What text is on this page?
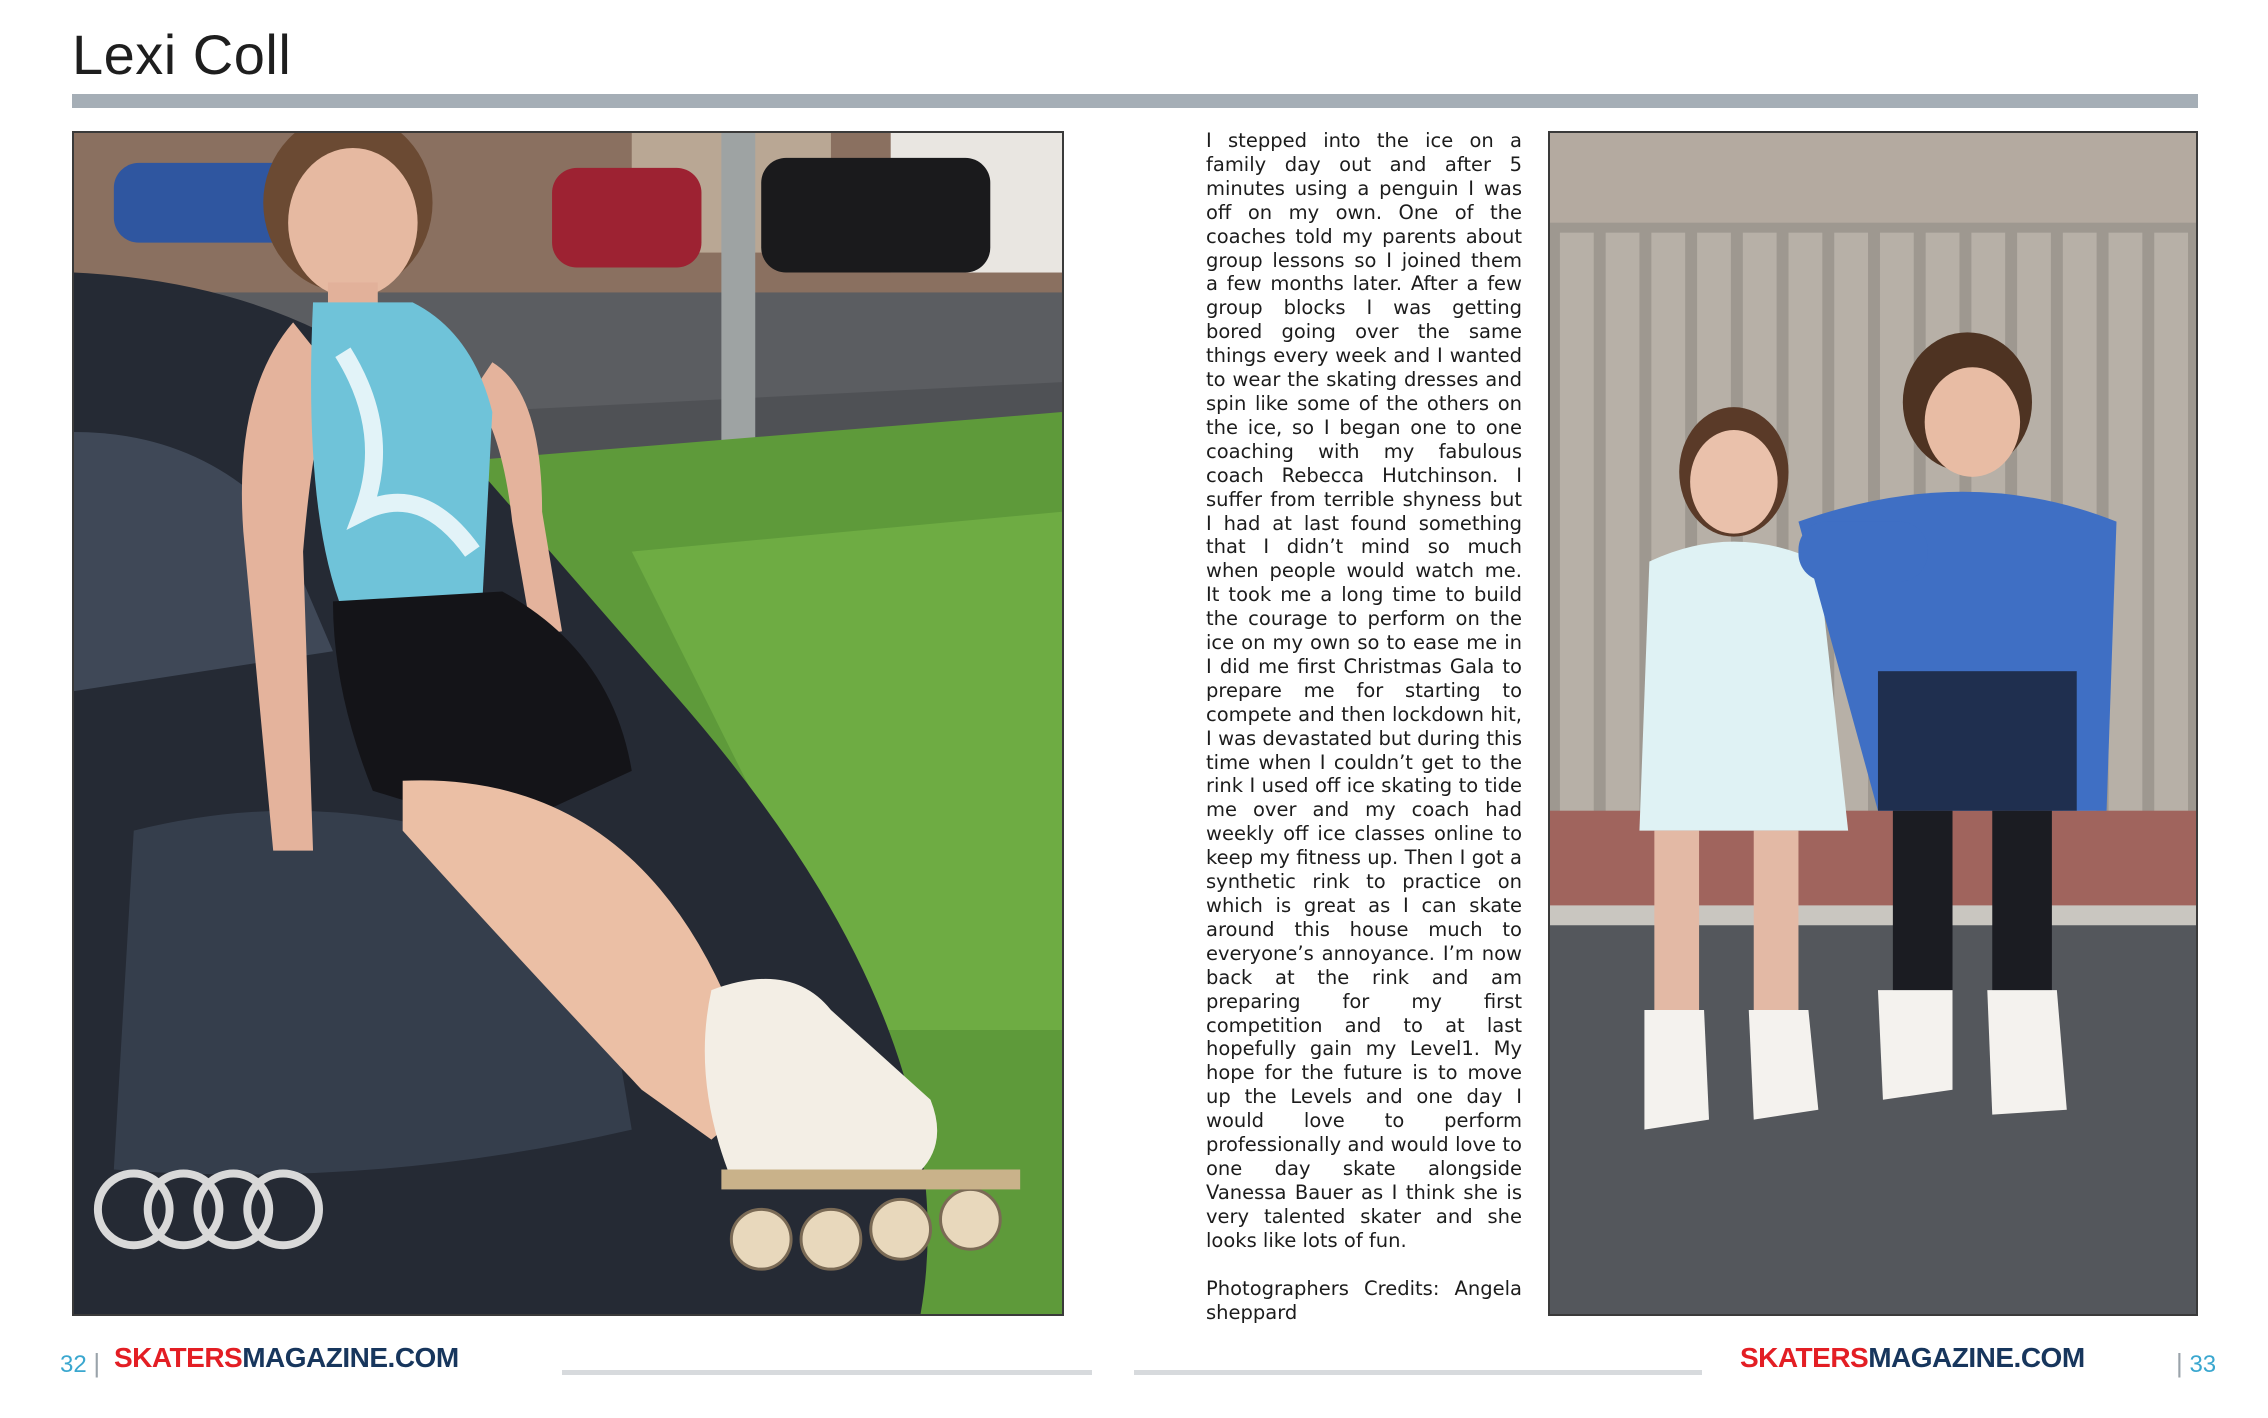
Lexi Coll

I stepped into the ice on a family day out and after 5 minutes using a penguin I was off on my own. One of the coaches told my parents about group lessons so I joined them a few months later. After a few group blocks I was getting bored going over the same things every week and I wanted to wear the skating dresses and spin like some of the others on the ice, so I began one to one coaching with my fabulous coach Rebecca Hutchinson. I suffer from terrible shyness but I had at last found something that I didn’t mind so much when people would watch me. It took me a long time to build the courage to perform on the ice on my own so to ease me in I did me first Christmas Gala to prepare me for starting to compete and then lockdown hit, I was devastated but during this time when I couldn’t get to the rink I used off ice skating to tide me over and my coach had weekly off ice classes online to keep my fitness up. Then I got a synthetic rink to practice on which is great as I can skate around this house much to everyone’s annoyance. I’m now back at the rink and am preparing for my first competition and to at last hopefully gain my Level1. My hope for the future is to move up the Levels and one day I would love to perform professionally and would love to one day skate alongside Vanessa Bauer as I think she is very talented skater and she looks like lots of fun.

Photographers Credits: Angela sheppard

32 | SKATERSMAGAZINE.COM	SKATERSMAGAZINE.COM	| 33
